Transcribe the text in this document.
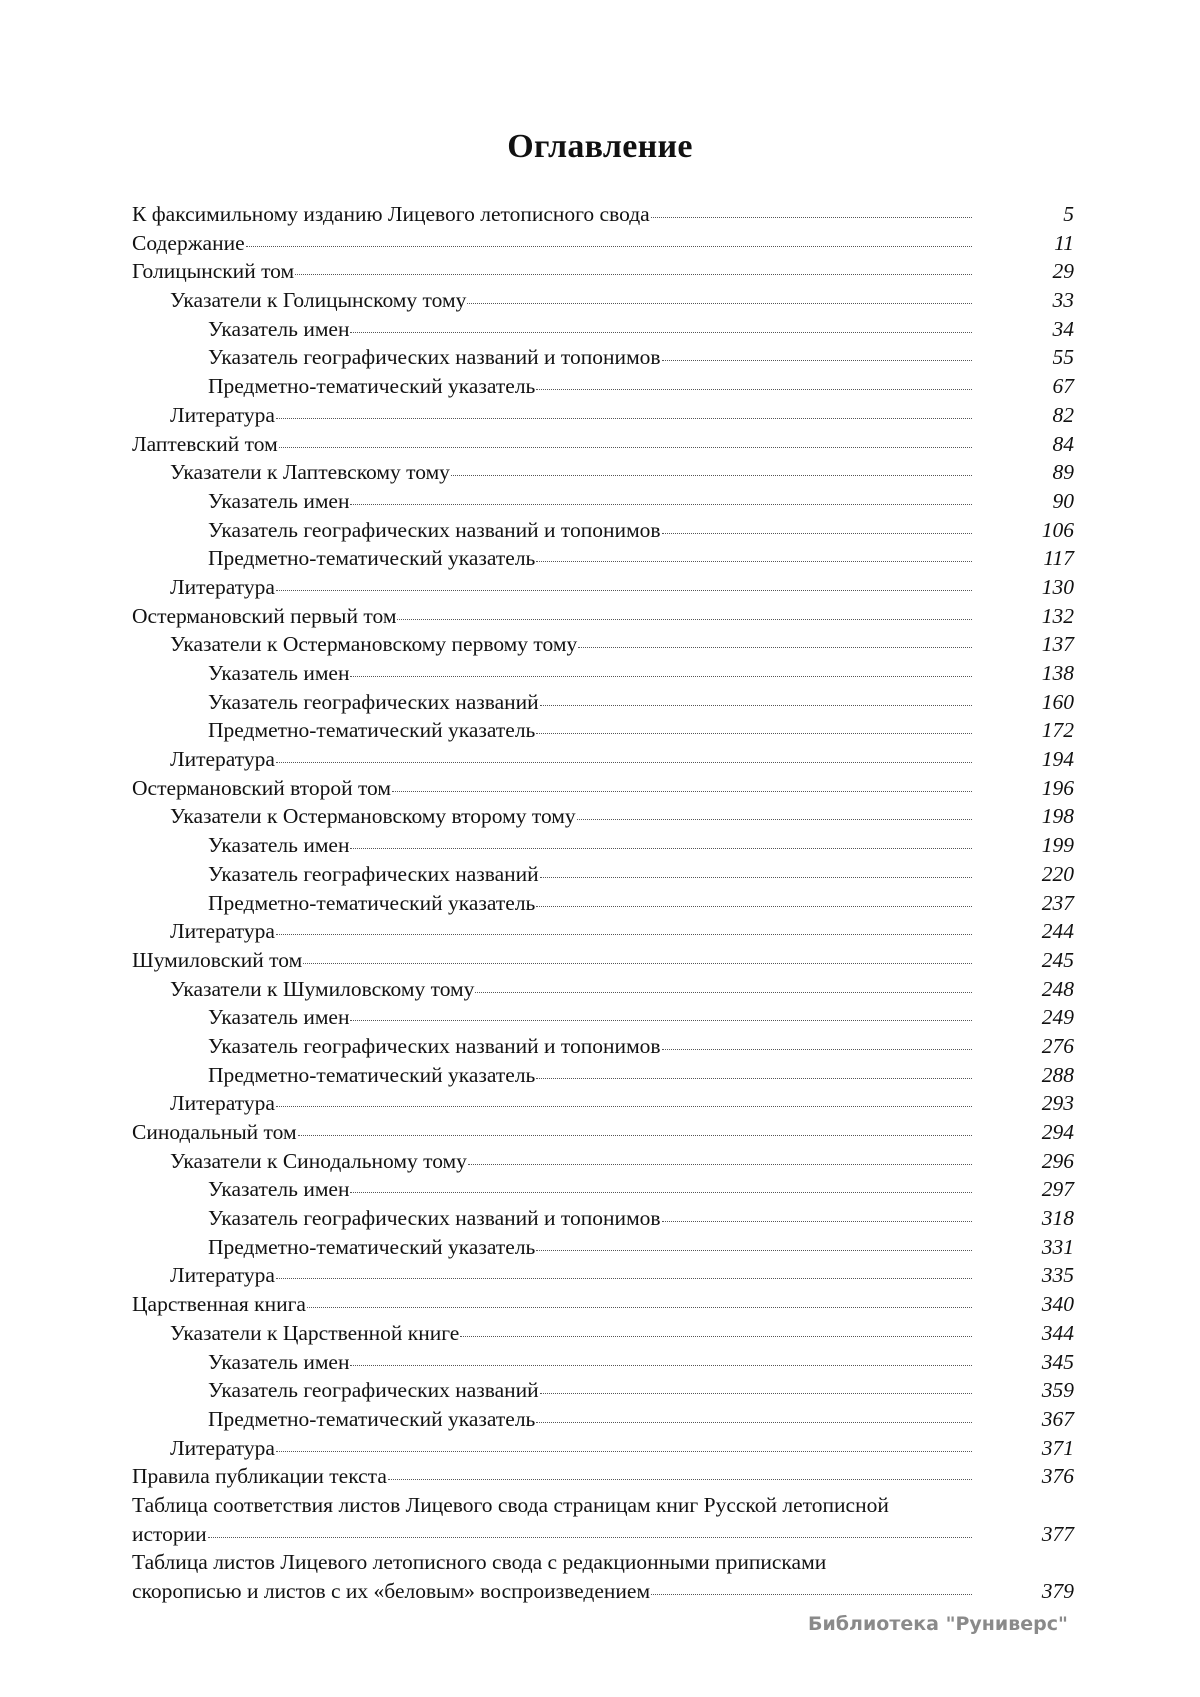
Оглавление
К факсимильному изданию Лицевого летописного свода	5
Содержание	11
Голицынский том	29
Указатели к Голицынскому тому	33
Указатель имен	34
Указатель географических названий и топонимов	55
Предметно-тематический указатель	67
Литература	82
Лаптевский том	84
Указатели к Лаптевскому тому	89
Указатель имен	90
Указатель географических названий и топонимов	106
Предметно-тематический указатель	117
Литература	130
Остермановский первый том	132
Указатели к Остермановскому первому тому	137
Указатель имен	138
Указатель географических названий	160
Предметно-тематический указатель	172
Литература	194
Остермановский второй том	196
Указатели к Остермановскому второму тому	198
Указатель имен	199
Указатель географических названий	220
Предметно-тематический указатель	237
Литература	244
Шумиловский том	245
Указатели к Шумиловскому тому	248
Указатель имен	249
Указатель географических названий и топонимов	276
Предметно-тематический указатель	288
Литература	293
Синодальный том	294
Указатели к Синодальному тому	296
Указатель имен	297
Указатель географических названий и топонимов	318
Предметно-тематический указатель	331
Литература	335
Царственная книга	340
Указатели к Царственной книге	344
Указатель имен	345
Указатель географических названий	359
Предметно-тематический указатель	367
Литература	371
Правила публикации текста	376
Таблица соответствия листов Лицевого свода страницам книг Русской летописной
истории	377
Таблица листов Лицевого летописного свода с редакционными приписками
скорописью и листов с их «беловым» воспроизведением	379
Библиотека "Руниверс"
